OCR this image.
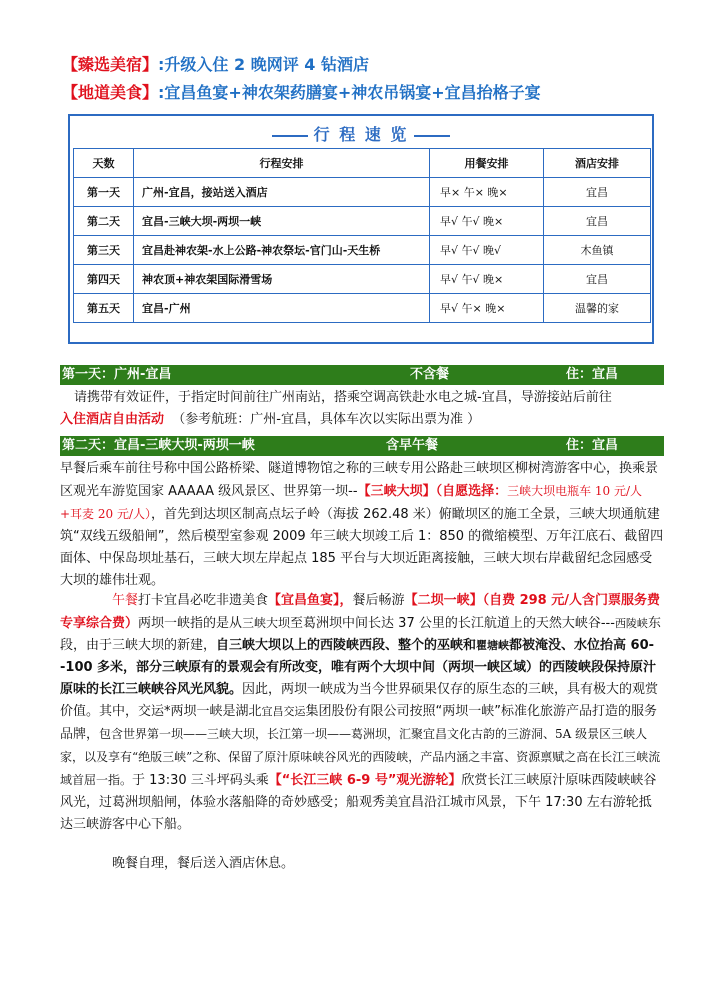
【臻选美宿】:升级入住 2 晚网评 4 钻酒店
【地道美食】:宜昌鱼宴+神农架药膳宴+神农吊锅宴+宜昌抬格子宴
行 程 速 览
天数	行程安排	用餐安排	酒店安排
第一天	广州-宜昌，接站送入酒店	早× 午× 晚×	宜昌
第二天	宜昌-三峡大坝-两坝一峡	早√ 午√ 晚×	宜昌
第三天	宜昌赴神农架-水上公路-神农祭坛-官门山-天生桥	早√ 午√ 晚√	木鱼镇
第四天	神农顶+神农架国际滑雪场	早√ 午√ 晚×	宜昌
第五天	宜昌-广州	早√ 午× 晚×	温馨的家
第一天：广州-宜昌	不含餐	住：宜昌

请携带有效证件，于指定时间前往广州南站，搭乘空调高铁赴水电之城-宜昌，导游接站后前往
入住酒店自由活动 （参考航班：广州-宜昌，具体车次以实际出票为准 ）

第二天：宜昌-三峡大坝-两坝一峡	含早午餐	住：宜昌

早餐后乘车前往号称中国公路桥梁、隧道博物馆之称的三峡专用公路赴三峡坝区柳树湾游客中心，换乘景区观光车游览国家 AAAAA 级风景区、世界第一坝--【三峡大坝】（自愿选择：三峡大坝电瓶车 10 元/人+耳麦 20 元/人），首先到达坝区制高点坛子岭（海拔 262.48 米）俯瞰坝区的施工全景，三峡大坝通航建筑“双线五级船闸”，然后模型室参观 2009 年三峡大坝竣工后 1：850 的微缩模型、万年江底石、截留四面体、中保岛坝址基石，三峡大坝左岸起点 185 平台与大坝近距离接触，三峡大坝右岸截留纪念园感受大坝的雄伟壮观。

午餐打卡宜昌必吃非遗美食【宜昌鱼宴】，餐后畅游【二坝一峡】（自费 298 元/人含门票服务费专享综合费）两坝一峡指的是从三峡大坝至葛洲坝中间长达 37 公里的长江航道上的天然大峡谷---西陵峡东段，由于三峡大坝的新建，自三峡大坝以上的西陵峡西段、整个的巫峡和瞿塘峡都被淹没、水位抬高 60--100 多米，部分三峡原有的景观会有所改变，唯有两个大坝中间（两坝一峡区域）的西陵峡段保持原汁原味的长江三峡峡谷风光风貌。因此，两坝一峡成为当今世界硕果仅存的原生态的三峡，具有极大的观赏价值。其中，交运*两坝一峡是湖北宜昌交运集团股份有限公司按照“两坝一峡”标准化旅游产品打造的服务品牌，包含世界第一坝——三峡大坝，长江第一坝——葛洲坝，汇聚宜昌文化古韵的三游洞、5A 级景区三峡人家，以及享有“绝版三峡”之称、保留了原汁原味峡谷风光的西陵峡，产品内涵之丰富、资源禀赋之高在长江三峡流域首屈一指。于 13:30 三斗坪码头乘【“长江三峡 6-9 号”观光游轮】欣赏长江三峡原汁原味西陵峡峡谷风光，过葛洲坝船闸，体验水落船降的奇妙感受；船观秀美宜昌沿江城市风景，下午 17:30 左右游轮抵达三峡游客中心下船。

晚餐自理，餐后送入酒店休息。
